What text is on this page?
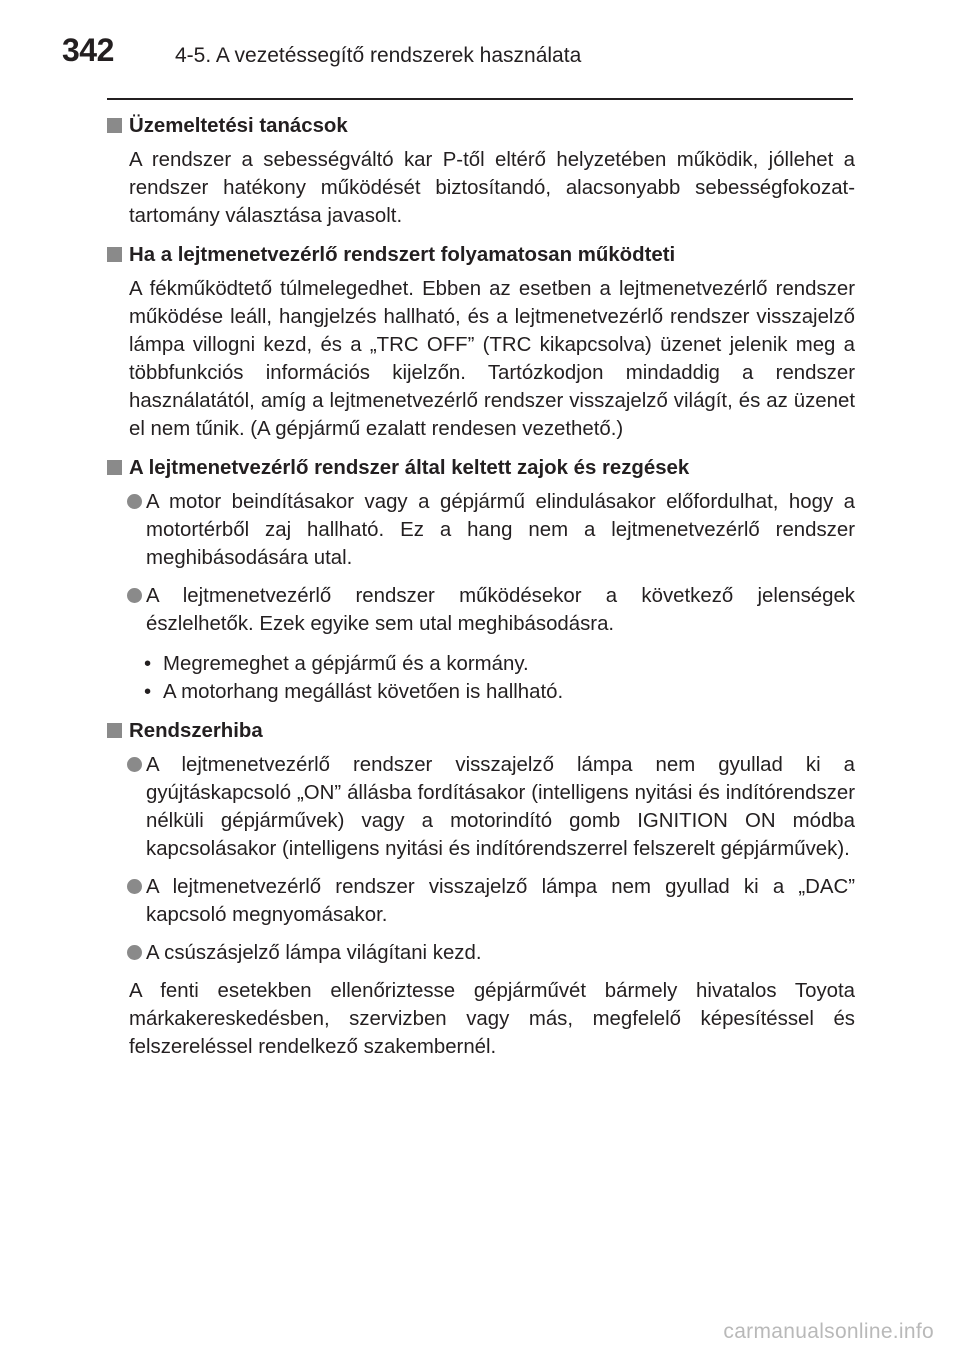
342	4-5. A vezetéssegítő rendszerek használata

Üzemeltetési tanácsok

A rendszer a sebességváltó kar P-től eltérő helyzetében működik, jóllehet a rendszer hatékony működését biztosítandó, alacsonyabb sebességfokozat-tartomány választása javasolt.

Ha a lejtmenetvezérlő rendszert folyamatosan működteti

A fékműködtető túlmelegedhet. Ebben az esetben a lejtmenetvezérlő rendszer működése leáll, hangjelzés hallható, és a lejtmenetvezérlő rendszer visszajelző lámpa villogni kezd, és a „TRC OFF” (TRC kikapcsolva) üzenet jelenik meg a többfunkciós információs kijelzőn. Tartózkodjon mindaddig a rendszer használatától, amíg a lejtmenetvezérlő rendszer visszajelző világít, és az üzenet el nem tűnik. (A gépjármű ezalatt rendesen vezethető.)

A lejtmenetvezérlő rendszer által keltett zajok és rezgések

A motor beindításakor vagy a gépjármű elindulásakor előfordulhat, hogy a motortérből zaj hallható. Ez a hang nem a lejtmenetvezérlő rendszer meghibásodására utal.

A lejtmenetvezérlő rendszer működésekor a következő jelenségek észlelhetők. Ezek egyike sem utal meghibásodásra.

• Megremeghet a gépjármű és a kormány.

• A motorhang megállást követően is hallható.

Rendszerhiba

A lejtmenetvezérlő rendszer visszajelző lámpa nem gyullad ki a gyújtáskapcsoló „ON” állásba fordításakor (intelligens nyitási és indítórendszer nélküli gépjárművek) vagy a motorindító gomb IGNITION ON módba kapcsolásakor (intelligens nyitási és indítórendszerrel felszerelt gépjárművek).

A lejtmenetvezérlő rendszer visszajelző lámpa nem gyullad ki a „DAC” kapcsoló megnyomásakor.

A csúszásjelző lámpa világítani kezd.

A fenti esetekben ellenőriztesse gépjárművét bármely hivatalos Toyota márkakereskedésben, szervizben vagy más, megfelelő képesítéssel és felszereléssel rendelkező szakembernél.

carmanualsonline.info
